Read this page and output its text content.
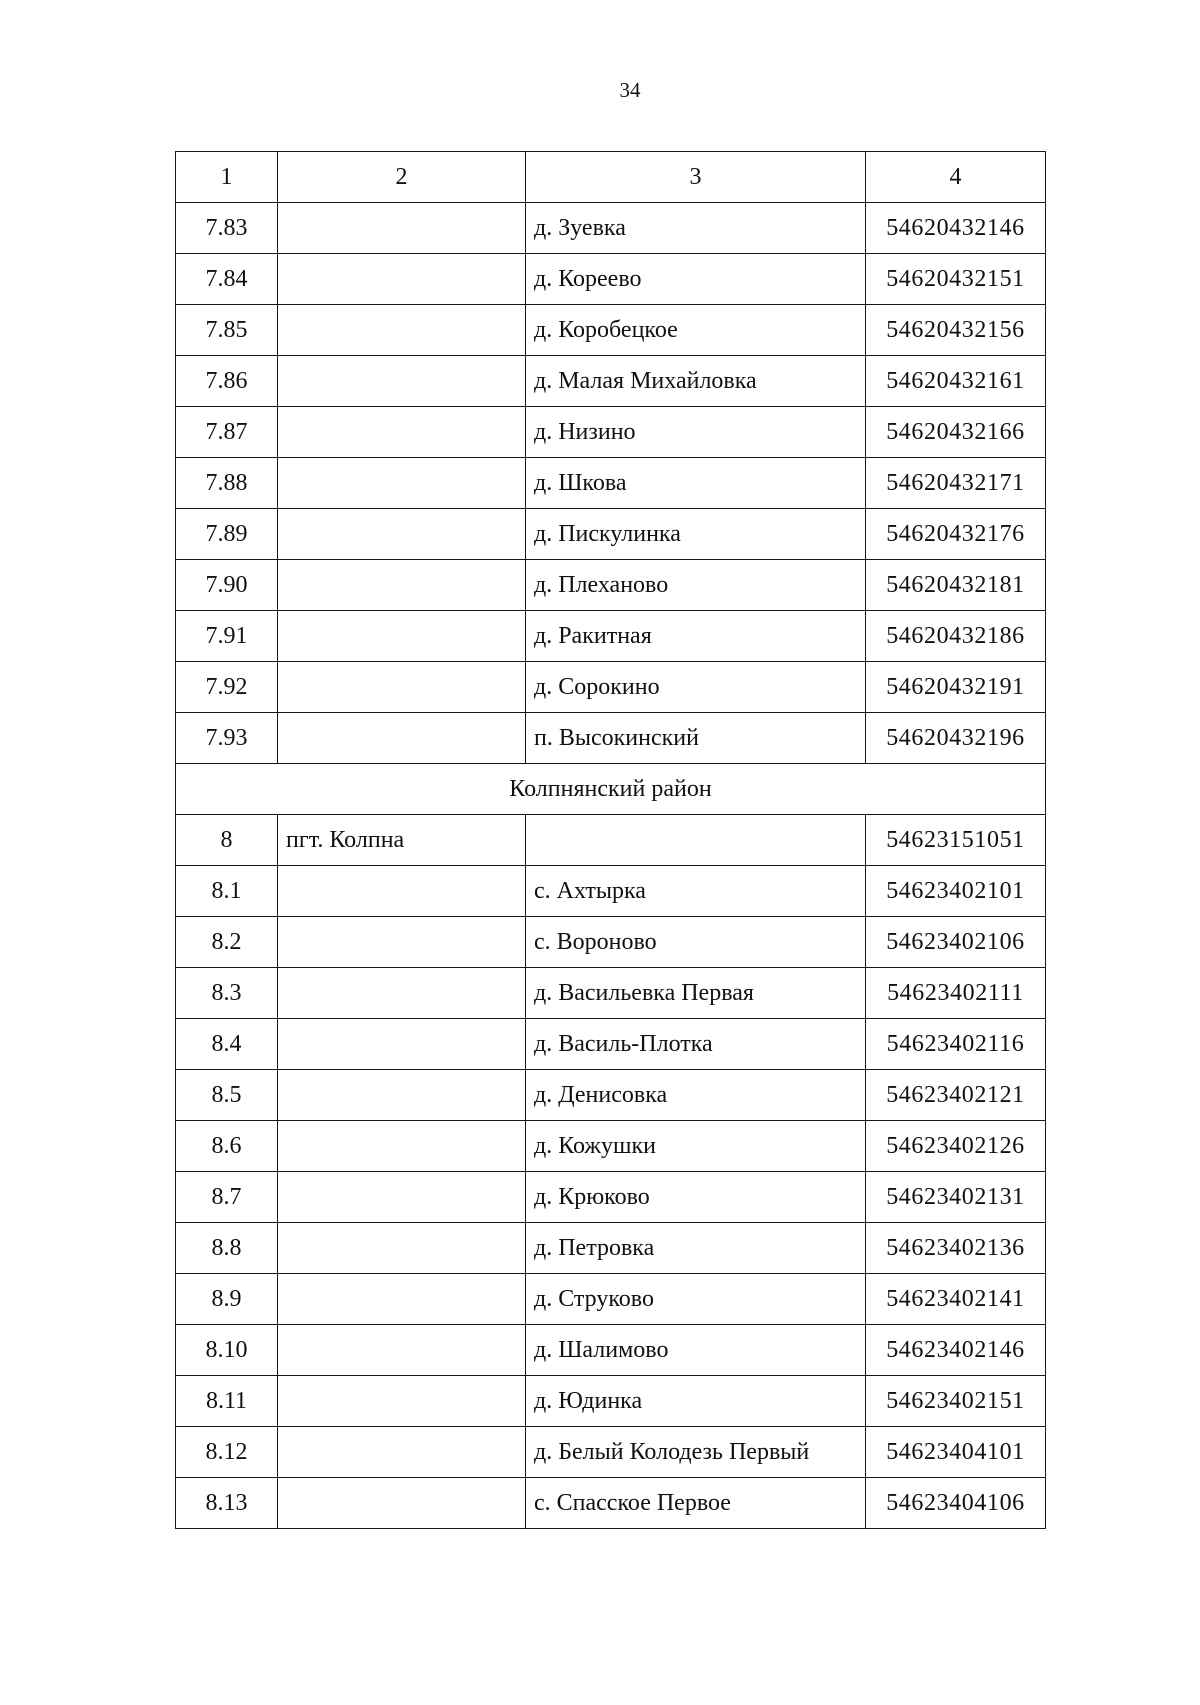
34
1	2	3	4
7.83		д. Зуевка	54620432146
7.84		д. Кореево	54620432151
7.85		д. Коробецкое	54620432156
7.86		д. Малая Михайловка	54620432161
7.87		д. Низино	54620432166
7.88		д. Шкова	54620432171
7.89		д. Пискулинка	54620432176
7.90		д. Плеханово	54620432181
7.91		д. Ракитная	54620432186
7.92		д. Сорокино	54620432191
7.93		п. Высокинский	54620432196
Колпнянский район			
8	пгт. Колпна		54623151051
8.1		с. Ахтырка	54623402101
8.2		с. Вороново	54623402106
8.3		д. Васильевка Первая	54623402111
8.4		д. Василь-Плотка	54623402116
8.5		д. Денисовка	54623402121
8.6		д. Кожушки	54623402126
8.7		д. Крюково	54623402131
8.8		д. Петровка	54623402136
8.9		д. Струково	54623402141
8.10		д. Шалимово	54623402146
8.11		д. Юдинка	54623402151
8.12		д. Белый Колодезь Первый	54623404101
8.13		с. Спасское Первое	54623404106
